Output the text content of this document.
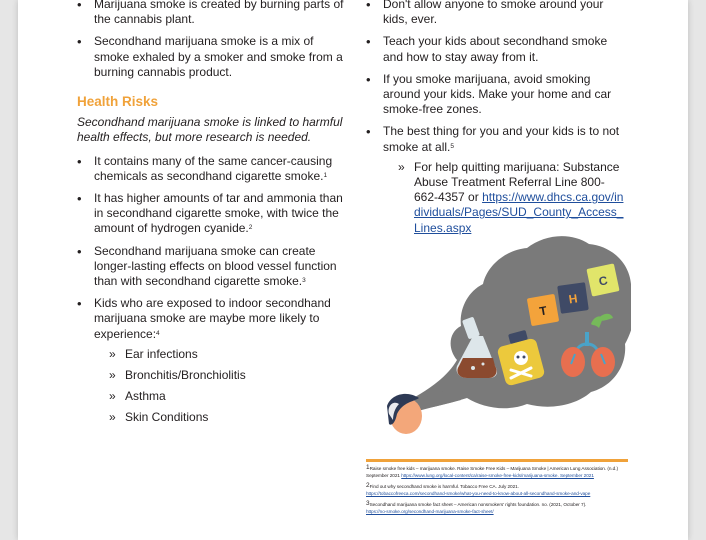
• Marijuana smoke is created by burning parts of the cannabis plant.
• Secondhand marijuana smoke is a mix of smoke exhaled by a smoker and smoke from a burning cannabis product.
Health Risks

Secondhand marijuana smoke is linked to harmful health effects, but more research is needed.

• It contains many of the same cancer-causing chemicals as secondhand cigarette smoke.$^1$
• It has higher amounts of tar and ammonia than in secondhand cigarette smoke, with twice the amount of hydrogen cyanide.$^2$
• Secondhand marijuana smoke can create longer-lasting effects on blood vessel function than with secondhand cigarette smoke.$^3$
• Kids who are exposed to indoor secondhand marijuana smoke are maybe more likely to experience:$^4$
» Ear infections
» Bronchitis/Bronchiolitis
» Asthma
» Skin Conditions
• Don't allow anyone to smoke around your kids, ever.
• Teach your kids about secondhand smoke and how to stay away from it.
• If you smoke marijuana, avoid smoking around your kids. Make your home and car smoke-free zones.
• The best thing for you and your kids is to not smoke at all.$^5$
» For help quitting marijuana: Substance Abuse Treatment Referral Line 800-662-4357 or https://www.dhcs.ca.gov/individuals/Pages/SUD_County_Access_Lines.aspx
T
H
C
$^1$Raise smoke free kids – marijuana smoke. Raise Smoke Free Kids – Marijuana Smoke | American Lung Association. (n.d.) September 2021 https://www.lung.org/local-content/ca/raise-smoke-free-kids/marijuana-smoke. September 2021
$^2$Find out why secondhand smoke is harmful. Tobacco Free CA. July 2021.
https://tobaccofreeca.com/secondhand-smoke/what-you-need-to-know-about-all-secondhand-smoke-and-vape
$^3$Secondhand marijuana smoke fact sheet – American nonsmokers' rights foundation. no. (2021, October 7).
https://no-smoke.org/secondhand-marijuana-smoke-fact-sheet/
